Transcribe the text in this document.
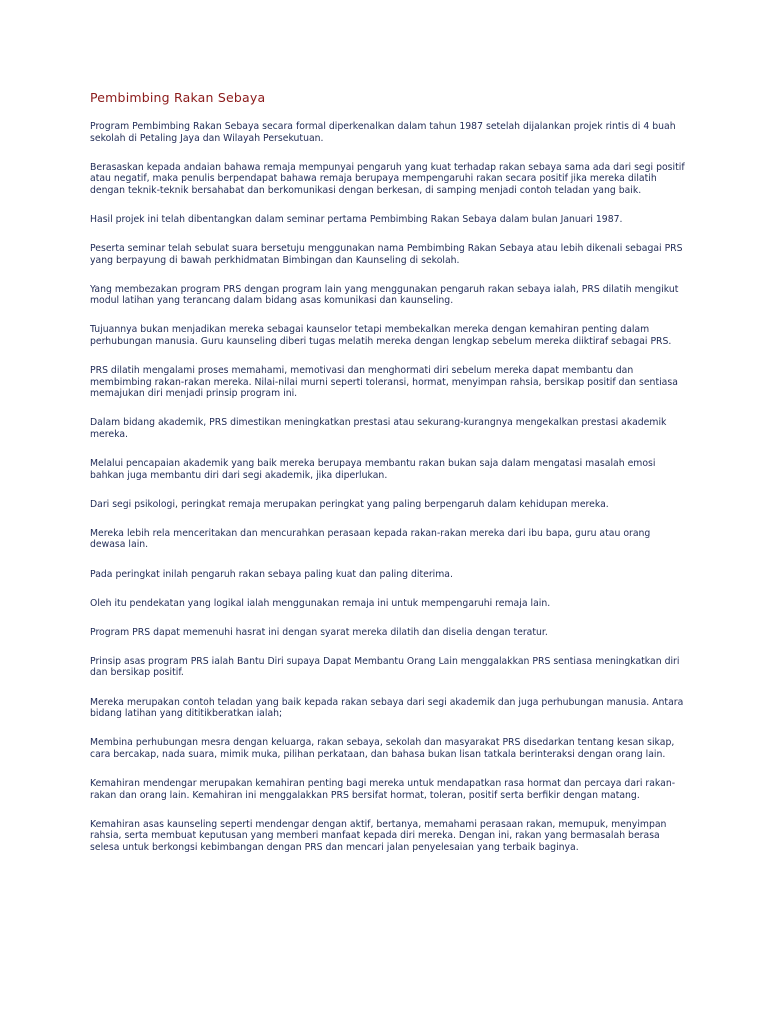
Pembimbing Rakan Sebaya

Program Pembimbing Rakan Sebaya secara formal diperkenalkan dalam tahun 1987 setelah dijalankan projek rintis di 4 buah sekolah di Petaling Jaya dan Wilayah Persekutuan.

Berasaskan kepada andaian bahawa remaja mempunyai pengaruh yang kuat terhadap rakan sebaya sama ada dari segi positif atau negatif, maka penulis berpendapat bahawa remaja berupaya mempengaruhi rakan secara positif jika mereka dilatih dengan teknik-teknik bersahabat dan berkomunikasi dengan berkesan, di samping menjadi contoh teladan yang baik.

Hasil projek ini telah dibentangkan dalam seminar pertama Pembimbing Rakan Sebaya dalam bulan Januari 1987.

Peserta seminar telah sebulat suara bersetuju menggunakan nama Pembimbing Rakan Sebaya atau lebih dikenali sebagai PRS yang berpayung di bawah perkhidmatan Bimbingan dan Kaunseling di sekolah.

Yang membezakan program PRS dengan program lain yang menggunakan pengaruh rakan sebaya ialah, PRS dilatih mengikut modul latihan yang terancang dalam bidang asas komunikasi dan kaunseling.

Tujuannya bukan menjadikan mereka sebagai kaunselor tetapi membekalkan mereka dengan kemahiran penting dalam perhubungan manusia. Guru kaunseling diberi tugas melatih mereka dengan lengkap sebelum mereka diiktiraf sebagai PRS.

PRS dilatih mengalami proses memahami, memotivasi dan menghormati diri sebelum mereka dapat membantu dan membimbing rakan-rakan mereka. Nilai-nilai murni seperti toleransi, hormat, menyimpan rahsia, bersikap positif dan sentiasa memajukan diri menjadi prinsip program ini.

Dalam bidang akademik, PRS dimestikan meningkatkan prestasi atau sekurang-kurangnya mengekalkan prestasi akademik mereka.

Melalui pencapaian akademik yang baik mereka berupaya membantu rakan bukan saja dalam mengatasi masalah emosi bahkan juga membantu diri dari segi akademik, jika diperlukan.

Dari segi psikologi, peringkat remaja merupakan peringkat yang paling berpengaruh dalam kehidupan mereka.

Mereka lebih rela menceritakan dan mencurahkan perasaan kepada rakan-rakan mereka dari ibu bapa, guru atau orang dewasa lain.

Pada peringkat inilah pengaruh rakan sebaya paling kuat dan paling diterima.

Oleh itu pendekatan yang logikal ialah menggunakan remaja ini untuk mempengaruhi remaja lain.

Program PRS dapat memenuhi hasrat ini dengan syarat mereka dilatih dan diselia dengan teratur.

Prinsip asas program PRS ialah Bantu Diri supaya Dapat Membantu Orang Lain menggalakkan PRS sentiasa meningkatkan diri dan bersikap positif.

Mereka merupakan contoh teladan yang baik kepada rakan sebaya dari segi akademik dan juga perhubungan manusia. Antara bidang latihan yang dititikberatkan ialah;

Membina perhubungan mesra dengan keluarga, rakan sebaya, sekolah dan masyarakat PRS disedarkan tentang kesan sikap, cara bercakap, nada suara, mimik muka, pilihan perkataan, dan bahasa bukan lisan tatkala berinteraksi dengan orang lain.

Kemahiran mendengar merupakan kemahiran penting bagi mereka untuk mendapatkan rasa hormat dan percaya dari rakan-rakan dan orang lain. Kemahiran ini menggalakkan PRS bersifat hormat, toleran, positif serta berfikir dengan matang.

Kemahiran asas kaunseling seperti mendengar dengan aktif, bertanya, memahami perasaan rakan, memupuk, menyimpan rahsia, serta membuat keputusan yang memberi manfaat kepada diri mereka. Dengan ini, rakan yang bermasalah berasa selesa untuk berkongsi kebimbangan dengan PRS dan mencari jalan penyelesaian yang terbaik baginya.
